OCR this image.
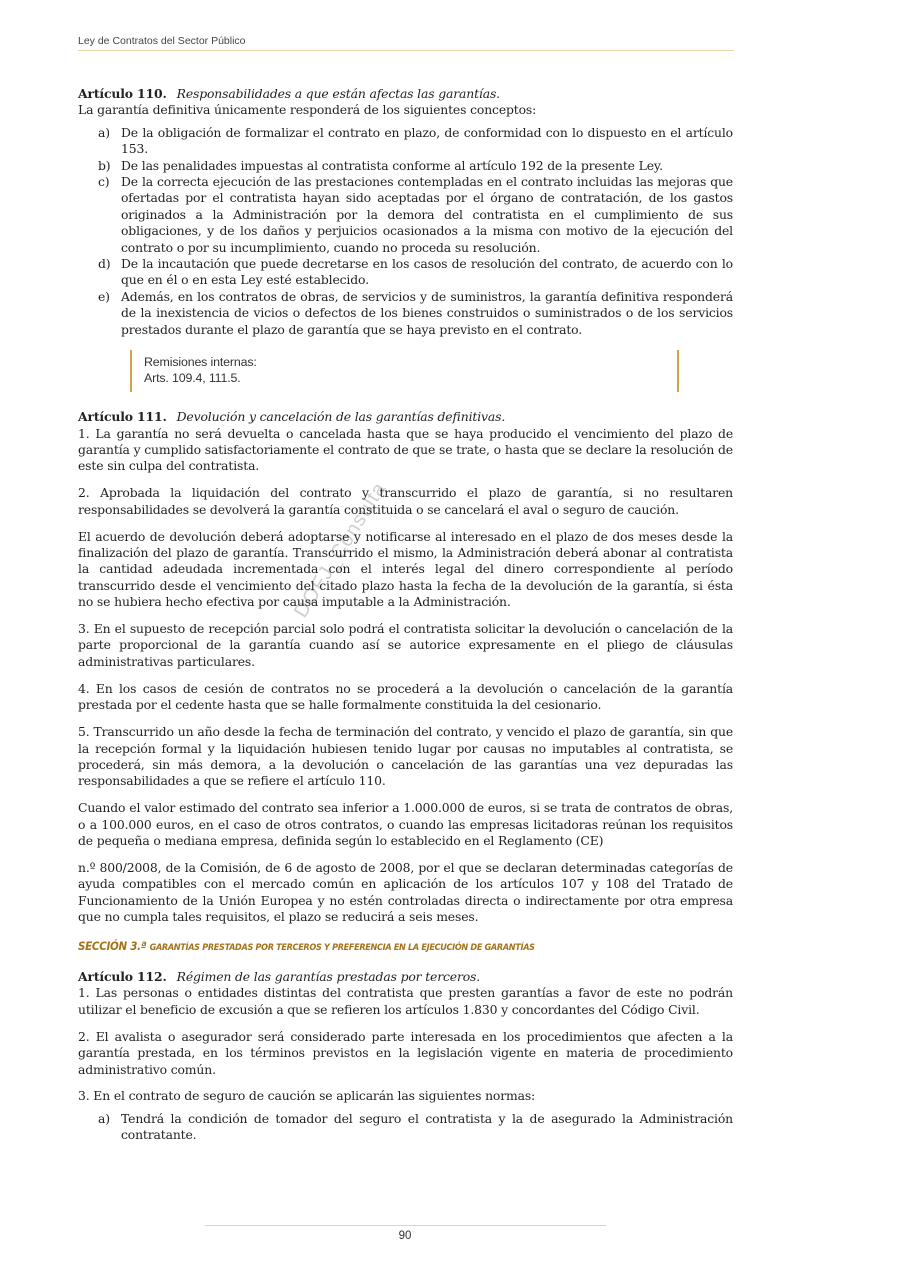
Ley de Contratos del Sector Público
DOFJ_Consulta
Artículo 110. Responsabilidades a que están afectas las garantías.

La garantía definitiva únicamente responderá de los siguientes conceptos:

a) De la obligación de formalizar el contrato en plazo, de conformidad con lo dispuesto en el artículo 153.
b) De las penalidades impuestas al contratista conforme al artículo 192 de la presente Ley.
c) De la correcta ejecución de las prestaciones contempladas en el contrato incluidas las mejoras que ofertadas por el contratista hayan sido aceptadas por el órgano de contratación, de los gastos originados a la Administración por la demora del contratista en el cumplimiento de sus obligaciones, y de los daños y perjuicios ocasionados a la misma con motivo de la ejecución del contrato o por su incumplimiento, cuando no proceda su resolución.
d) De la incautación que puede decretarse en los casos de resolución del contrato, de acuerdo con lo que en él o en esta Ley esté establecido.
e) Además, en los contratos de obras, de servicios y de suministros, la garantía definitiva responderá de la inexistencia de vicios o defectos de los bienes construidos o suministrados o de los servicios prestados durante el plazo de garantía que se haya previsto en el contrato.
Remisiones internas:
Arts. 109.4, 111.5.
Artículo 111. Devolución y cancelación de las garantías definitivas.

1. La garantía no será devuelta o cancelada hasta que se haya producido el vencimiento del plazo de garantía y cumplido satisfactoriamente el contrato de que se trate, o hasta que se declare la resolución de este sin culpa del contratista.

2. Aprobada la liquidación del contrato y transcurrido el plazo de garantía, si no resultaren responsabilidades se devolverá la garantía constituida o se cancelará el aval o seguro de caución.

El acuerdo de devolución deberá adoptarse y notificarse al interesado en el plazo de dos meses desde la finalización del plazo de garantía. Transcurrido el mismo, la Administración deberá abonar al contratista la cantidad adeudada incrementada con el interés legal del dinero correspondiente al período transcurrido desde el vencimiento del citado plazo hasta la fecha de la devolución de la garantía, si ésta no se hubiera hecho efectiva por causa imputable a la Administración.

3. En el supuesto de recepción parcial solo podrá el contratista solicitar la devolución o cancelación de la parte proporcional de la garantía cuando así se autorice expresamente en el pliego de cláusulas administrativas particulares.

4. En los casos de cesión de contratos no se procederá a la devolución o cancelación de la garantía prestada por el cedente hasta que se halle formalmente constituida la del cesionario.

5. Transcurrido un año desde la fecha de terminación del contrato, y vencido el plazo de garantía, sin que la recepción formal y la liquidación hubiesen tenido lugar por causas no imputables al contratista, se procederá, sin más demora, a la devolución o cancelación de las garantías una vez depuradas las responsabilidades a que se refiere el artículo 110.

Cuando el valor estimado del contrato sea inferior a 1.000.000 de euros, si se trata de contratos de obras, o a 100.000 euros, en el caso de otros contratos, o cuando las empresas licitadoras reúnan los requisitos de pequeña o mediana empresa, definida según lo establecido en el Reglamento (CE)

n.º 800/2008, de la Comisión, de 6 de agosto de 2008, por el que se declaran determinadas categorías de ayuda compatibles con el mercado común en aplicación de los artículos 107 y 108 del Tratado de Funcionamiento de la Unión Europea y no estén controladas directa o indirectamente por otra empresa que no cumpla tales requisitos, el plazo se reducirá a seis meses.

SECCIÓN 3.ª GARANTÍAS PRESTADAS POR TERCEROS Y PREFERENCIA EN LA EJECUCIÓN DE GARANTÍAS
Artículo 112. Régimen de las garantías prestadas por terceros.

1. Las personas o entidades distintas del contratista que presten garantías a favor de este no podrán utilizar el beneficio de excusión a que se refieren los artículos 1.830 y concordantes del Código Civil.

2. El avalista o asegurador será considerado parte interesada en los procedimientos que afecten a la garantía prestada, en los términos previstos en la legislación vigente en materia de procedimiento administrativo común.

3. En el contrato de seguro de caución se aplicarán las siguientes normas:

a) Tendrá la condición de tomador del seguro el contratista y la de asegurado la Administración contratante.
90
